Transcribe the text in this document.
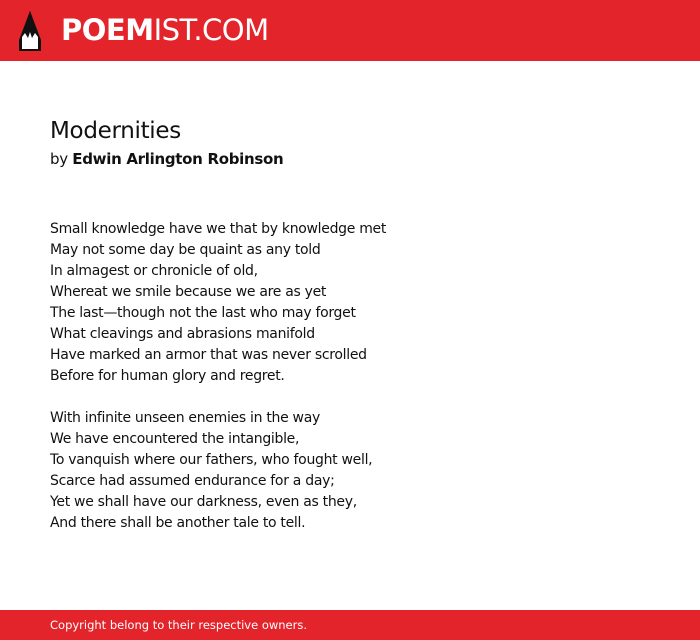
POEMIST.COM
Modernities
by Edwin Arlington Robinson
Small knowledge have we that by knowledge met
May not some day be quaint as any told
In almagest or chronicle of old,
Whereat we smile because we are as yet
The last—though not the last who may forget
What cleavings and abrasions manifold
Have marked an armor that was never scrolled
Before for human glory and regret.
With infinite unseen enemies in the way
We have encountered the intangible,
To vanquish where our fathers, who fought well,
Scarce had assumed endurance for a day;
Yet we shall have our darkness, even as they,
And there shall be another tale to tell.
Copyright belong to their respective owners.
